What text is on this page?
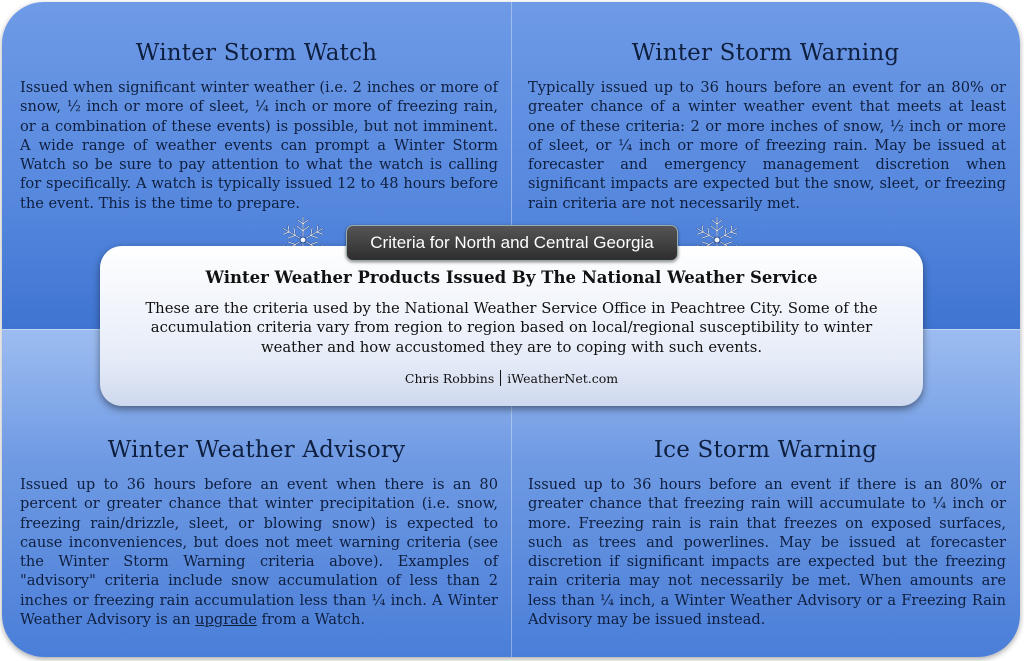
Winter Storm Watch
Issued when significant winter weather (i.e. 2 inches or more of snow, ½ inch or more of sleet, ¼ inch or more of freezing rain, or a combination of these events) is possible, but not imminent. A wide range of weather events can prompt a Winter Storm Watch so be sure to pay attention to what the watch is calling for specifically. A watch is typically issued 12 to 48 hours before the event. This is the time to prepare.
Winter Storm Warning
Typically issued up to 36 hours before an event for an 80% or greater chance of a winter weather event that meets at least one of these criteria: 2 or more inches of snow, ½ inch or more of sleet, or ¼ inch or more of freezing rain. May be issued at forecaster and emergency management discretion when significant impacts are expected but the snow, sleet, or freezing rain criteria are not necessarily met.
Winter Weather Advisory
Issued up to 36 hours before an event when there is an 80 percent or greater chance that winter precipitation (i.e. snow, freezing rain/drizzle, sleet, or blowing snow) is expected to cause inconveniences, but does not meet warning criteria (see the Winter Storm Warning criteria above). Examples of "advisory" criteria include snow accumulation of less than 2 inches or freezing rain accumulation less than ¼ inch. A Winter Weather Advisory is an upgrade from a Watch.
Ice Storm Warning
Issued up to 36 hours before an event if there is an 80% or greater chance that freezing rain will accumulate to ¼ inch or more. Freezing rain is rain that freezes on exposed surfaces, such as trees and powerlines. May be issued at forecaster discretion if significant impacts are expected but the freezing rain criteria may not necessarily be met. When amounts are less than ¼ inch, a Winter Weather Advisory or a Freezing Rain Advisory may be issued instead.
Winter Weather Products Issued By The National Weather Service
These are the criteria used by the National Weather Service Office in Peachtree City. Some of the accumulation criteria vary from region to region based on local/regional susceptibility to winter weather and how accustomed they are to coping with such events.
Chris Robbins iWeatherNet.com
Criteria for North and Central Georgia
